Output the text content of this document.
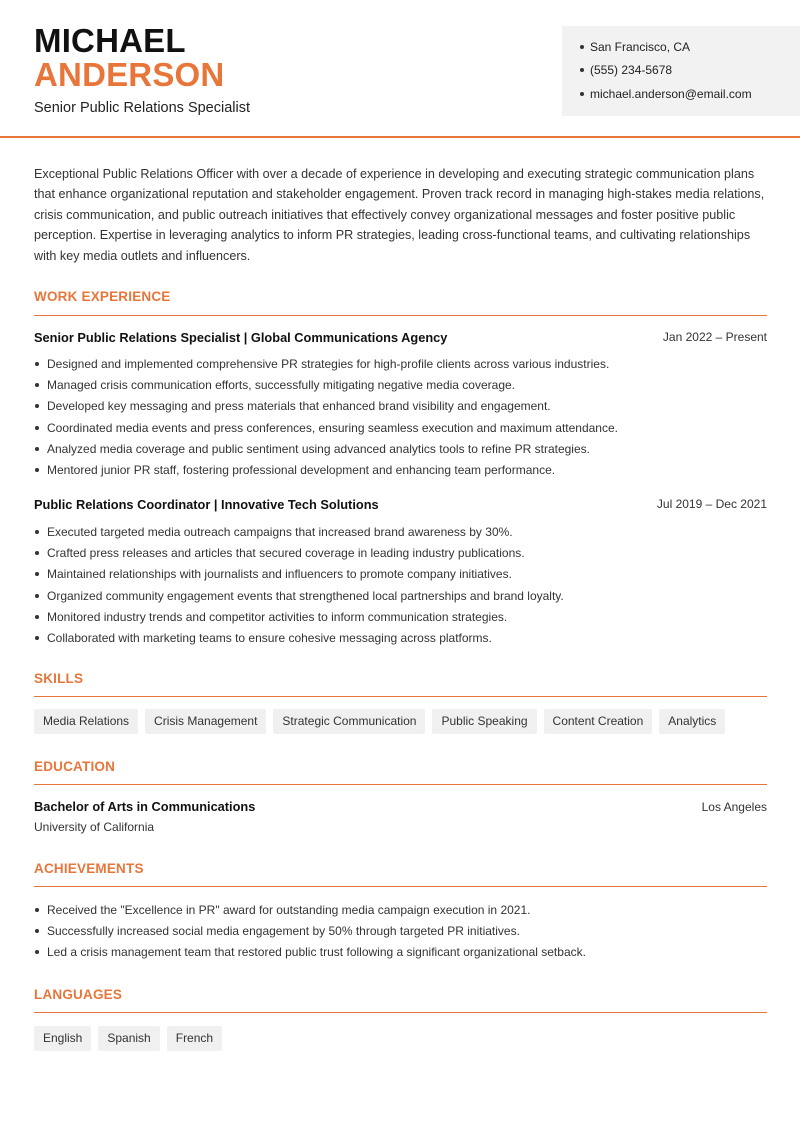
MICHAEL
ANDERSON
Senior Public Relations Specialist
San Francisco, CA
(555) 234-5678
michael.anderson@email.com

Exceptional Public Relations Officer with over a decade of experience in developing and executing strategic communication plans that enhance organizational reputation and stakeholder engagement. Proven track record in managing high-stakes media relations, crisis communication, and public outreach initiatives that effectively convey organizational messages and foster positive public perception. Expertise in leveraging analytics to inform PR strategies, leading cross-functional teams, and cultivating relationships with key media outlets and influencers.

WORK EXPERIENCE
Senior Public Relations Specialist | Global Communications Agency	Jan 2022 – Present
Designed and implemented comprehensive PR strategies for high-profile clients across various industries.
Managed crisis communication efforts, successfully mitigating negative media coverage.
Developed key messaging and press materials that enhanced brand visibility and engagement.
Coordinated media events and press conferences, ensuring seamless execution and maximum attendance.
Analyzed media coverage and public sentiment using advanced analytics tools to refine PR strategies.
Mentored junior PR staff, fostering professional development and enhancing team performance.
Public Relations Coordinator | Innovative Tech Solutions	Jul 2019 – Dec 2021
Executed targeted media outreach campaigns that increased brand awareness by 30%.
Crafted press releases and articles that secured coverage in leading industry publications.
Maintained relationships with journalists and influencers to promote company initiatives.
Organized community engagement events that strengthened local partnerships and brand loyalty.
Monitored industry trends and competitor activities to inform communication strategies.
Collaborated with marketing teams to ensure cohesive messaging across platforms.
SKILLS
Media Relations	Crisis Management	Strategic Communication	Public Speaking	Content Creation	Analytics
EDUCATION
Bachelor of Arts in Communications	Los Angeles
University of California
ACHIEVEMENTS
Received the "Excellence in PR" award for outstanding media campaign execution in 2021.
Successfully increased social media engagement by 50% through targeted PR initiatives.
Led a crisis management team that restored public trust following a significant organizational setback.
LANGUAGES
English	Spanish	French
